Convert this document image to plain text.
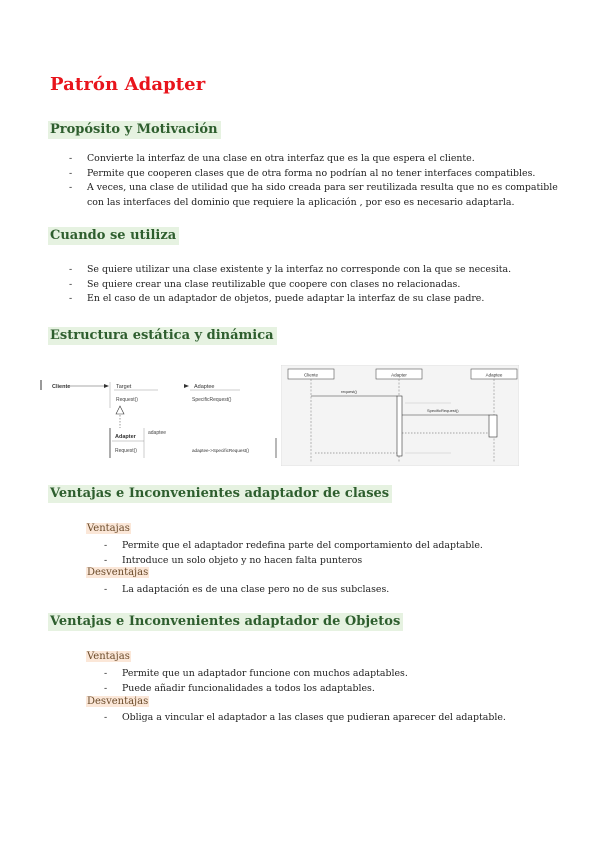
Patrón Adapter
Propósito y Motivación
- Convierte la interfaz de una clase en otra interfaz que es la que espera el cliente.
- Permite que cooperen clases que de otra forma no podrían al no tener interfaces compatibles.
- A veces, una clase de utilidad que ha sido creada para ser reutilizada resulta que no es compatible
con las interfaces del dominio que requiere la aplicación , por eso es necesario adaptarla.
Cuando se utiliza
- Se quiere utilizar una clase existente y la interfaz no corresponde con la que se necesita.
- Se quiere crear una clase reutilizable que coopere con clases no relacionadas.
- En el caso de un adaptador de objetos, puede adaptar la interfaz de su clase padre.
Estructura estática y dinámica
Cliente	Target
Request()
Adaptee
SpecificRequest()
Adapter
Request()
adaptee
adaptee->SpecificRequest()
Cliente	Adapter	Adaptee
request()
SpecificRequest()
Ventajas e Inconvenientes adaptador de clases
Ventajas
- Permite que el adaptador redefina parte del comportamiento del adaptable.
- Introduce un solo objeto y no hacen falta punteros
Desventajas
- La adaptación es de una clase pero no de sus subclases.
Ventajas e Inconvenientes adaptador de Objetos
Ventajas
- Permite que un adaptador funcione con muchos adaptables.
- Puede añadir funcionalidades a todos los adaptables.
Desventajas
- Obliga a vincular el adaptador a las clases que pudieran aparecer del adaptable.
